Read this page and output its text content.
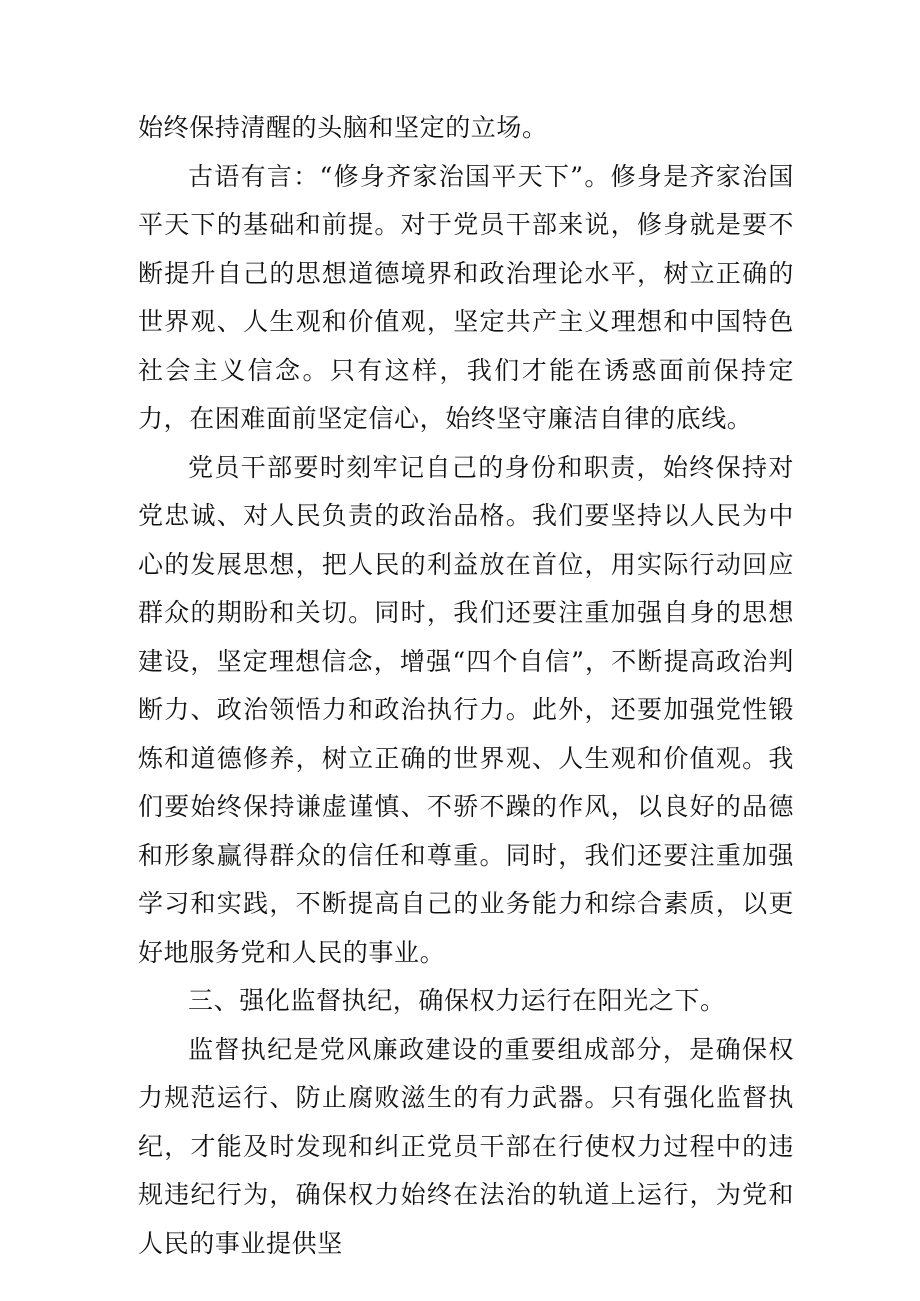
始终保持清醒的头脑和坚定的立场。

古语有言：“修身齐家治国平天下”。修身是齐家治国平天下的基础和前提。对于党员干部来说，修身就是要不断提升自己的思想道德境界和政治理论水平，树立正确的世界观、人生观和价值观，坚定共产主义理想和中国特色社会主义信念。只有这样，我们才能在诱惑面前保持定力，在困难面前坚定信心，始终坚守廉洁自律的底线。

党员干部要时刻牢记自己的身份和职责，始终保持对党忠诚、对人民负责的政治品格。我们要坚持以人民为中心的发展思想，把人民的利益放在首位，用实际行动回应群众的期盼和关切。同时，我们还要注重加强自身的思想建设，坚定理想信念，增强“四个自信”，不断提高政治判断力、政治领悟力和政治执行力。此外，还要加强党性锻炼和道德修养，树立正确的世界观、人生观和价值观。我们要始终保持谦虚谨慎、不骄不躁的作风，以良好的品德和形象赢得群众的信任和尊重。同时，我们还要注重加强学习和实践，不断提高自己的业务能力和综合素质，以更好地服务党和人民的事业。

三、强化监督执纪，确保权力运行在阳光之下。

监督执纪是党风廉政建设的重要组成部分，是确保权力规范运行、防止腐败滋生的有力武器。只有强化监督执纪，才能及时发现和纠正党员干部在行使权力过程中的违规违纪行为，确保权力始终在法治的轨道上运行，为党和人民的事业提供坚
